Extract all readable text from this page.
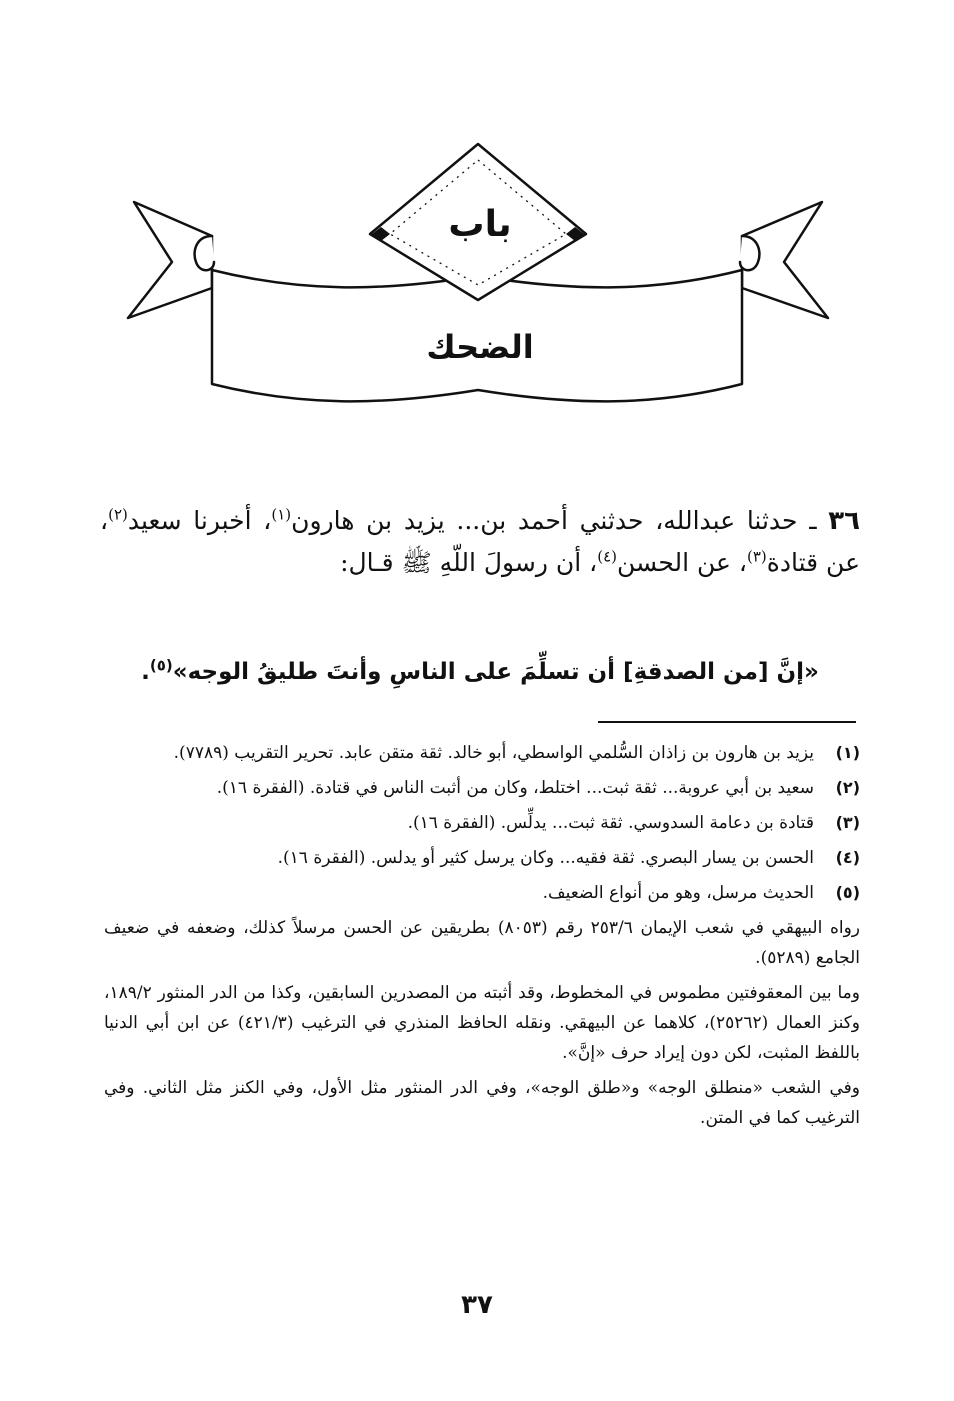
باب
الضحك
٣٦ ـ حدثنا عبدالله، حدثني أحمد بن... يزيد بن هارون$^{(١)}$، أخبرنا سعيد$^{(٢)}$، عن قتادة$^{(٣)}$، عن الحسن$^{(٤)}$، أن رسولَ اللّهِ ﷺ قـال:
«إنَّ [من الصدقةِ] أن تسلِّمَ على الناسِ وأنتَ طليقُ الوجه»$^{(٥)}$.
(١)
يزيد بن هارون بن زاذان السُّلمي الواسطي، أبو خالد. ثقة متقن عابد. تحرير التقريب (٧٧٨٩).
(٢)
سعيد بن أبي عروبة... ثقة ثبت... اختلط، وكان من أثبت الناس في قتادة. (الفقرة ١٦).
(٣)
قتادة بن دعامة السدوسي. ثقة ثبت... يدلِّس. (الفقرة ١٦).
(٤)
الحسن بن يسار البصري. ثقة فقيه... وكان يرسل كثير أو يدلس. (الفقرة ١٦).
(٥)
الحديث مرسل، وهو من أنواع الضعيف.
رواه البيهقي في شعب الإيمان ٢٥٣/٦ رقم (٨٠٥٣) بطريقين عن الحسن مرسلاً كذلك، وضعفه في ضعيف الجامع (٥٢٨٩).
وما بين المعقوفتين مطموس في المخطوط، وقد أثبته من المصدرين السابقين، وكذا من الدر المنثور ١٨٩/٢، وكنز العمال (٢٥٢٦٢)، كلاهما عن البيهقي. ونقله الحافظ المنذري في الترغيب (٤٢١/٣) عن ابن أبي الدنيا باللفظ المثبت، لكن دون إيراد حرف «إنَّ».
وفي الشعب «منطلق الوجه» و«طلق الوجه»، وفي الدر المنثور مثل الأول، وفي الكنز مثل الثاني. وفي الترغيب كما في المتن.
٣٧
